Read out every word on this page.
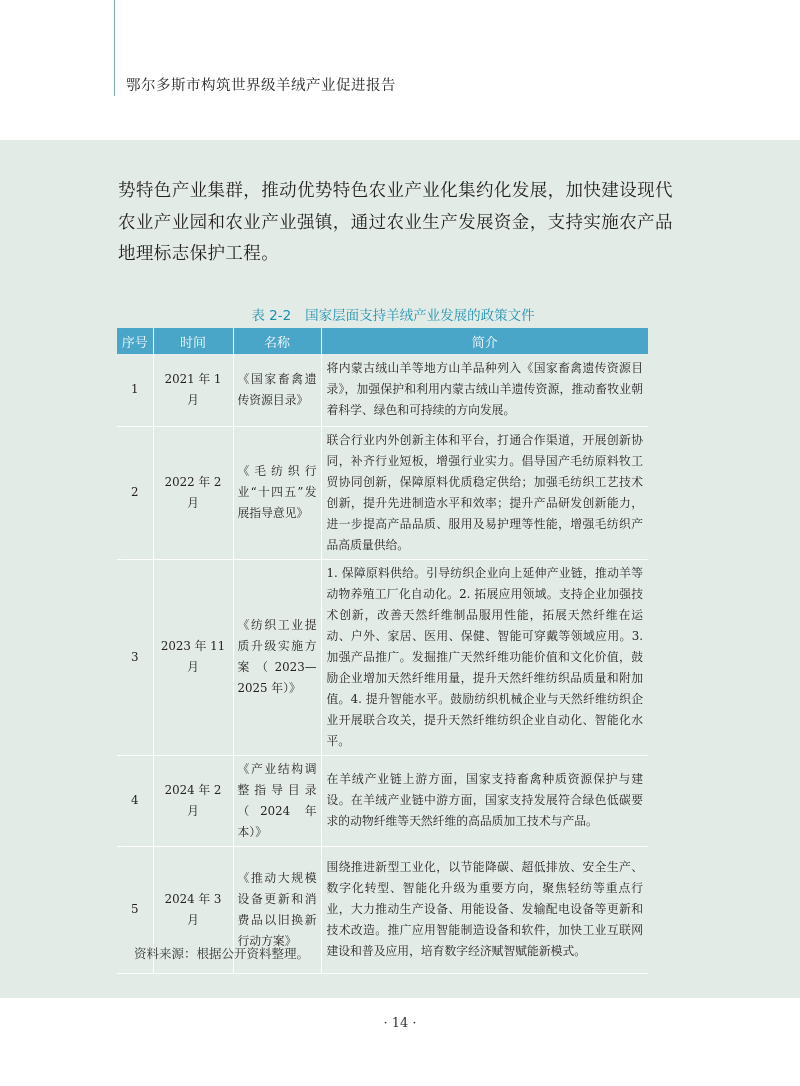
鄂尔多斯市构筑世界级羊绒产业促进报告

势特色产业集群，推动优势特色农业产业化集约化发展，加快建设现代农业产业园和农业产业强镇，通过农业生产发展资金，支持实施农产品地理标志保护工程。

表 2-2 国家层面支持羊绒产业发展的政策文件
序号	时间	名称	简介
1	2021 年 1 月	《国家畜禽遗传资源目录》	将内蒙古绒山羊等地方山羊品种列入《国家畜禽遗传资源目录》，加强保护和利用内蒙古绒山羊遗传资源，推动畜牧业朝着科学、绿色和可持续的方向发展。
2	2022 年 2 月	《毛纺织行业“十四五”发展指导意见》	联合行业内外创新主体和平台，打通合作渠道，开展创新协同，补齐行业短板，增强行业实力。倡导国产毛纺原料牧工贸协同创新，保障原料优质稳定供给；加强毛纺织工艺技术创新，提升先进制造水平和效率；提升产品研发创新能力，进一步提高产品品质、服用及易护理等性能，增强毛纺织产品高质量供给。
3	2023 年 11 月	《纺织工业提质升级实施方案（2023—2025 年）》	1. 保障原料供给。引导纺织企业向上延伸产业链，推动羊等动物养殖工厂化自动化。2. 拓展应用领域。支持企业加强技术创新，改善天然纤维制品服用性能，拓展天然纤维在运动、户外、家居、医用、保健、智能可穿戴等领域应用。3. 加强产品推广。发掘推广天然纤维功能价值和文化价值，鼓励企业增加天然纤维用量，提升天然纤维纺织品质量和附加值。4. 提升智能水平。鼓励纺织机械企业与天然纤维纺织企业开展联合攻关，提升天然纤维纺织企业自动化、智能化水平。
4	2024 年 2 月	《产业结构调整指导目录（2024 年本）》	在羊绒产业链上游方面，国家支持畜禽种质资源保护与建设。在羊绒产业链中游方面，国家支持发展符合绿色低碳要求的动物纤维等天然纤维的高品质加工技术与产品。
5	2024 年 3 月	《推动大规模设备更新和消费品以旧换新行动方案》	围绕推进新型工业化，以节能降碳、超低排放、安全生产、数字化转型、智能化升级为重要方向，聚焦轻纺等重点行业，大力推动生产设备、用能设备、发输配电设备等更新和技术改造。推广应用智能制造设备和软件，加快工业互联网建设和普及应用，培育数字经济赋智赋能新模式。
资料来源：根据公开资料整理。
· 14 ·
